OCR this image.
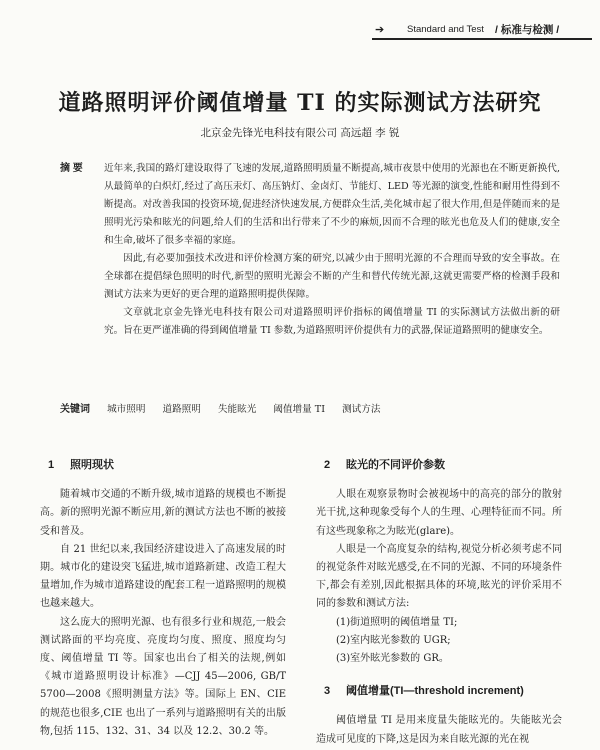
➔ Standard and Test / 标准与检测 /
道路照明评价阈值增量 TI 的实际测试方法研究
北京金先锋光电科技有限公司 高远超 李 锐
摘 要	近年来,我国的路灯建设取得了飞速的发展,道路照明质量不断提高,城市夜景中使用的光源也在不断更新换代,从最简单的白炽灯,经过了高压汞灯、高压钠灯、金卤灯、节能灯、LED 等光源的演变,性能和耐用性得到不断提高。对改善我国的投资环境,促进经济快速发展,方便群众生活,美化城市起了很大作用,但是伴随而来的是照明光污染和眩光的问题,给人们的生活和出行带来了不少的麻烦,因而不合理的眩光也危及人们的健康,安全和生命,破坏了很多幸福的家庭。

因此,有必要加强技术改进和评价检测方案的研究,以减少由于照明光源的不合理而导致的安全事故。在全球都在提倡绿色照明的时代,新型的照明光源会不断的产生和替代传统光源,这就更需要严格的检测手段和测试方法来为更好的更合理的道路照明提供保障。

文章就北京金先锋光电科技有限公司对道路照明评价指标的阈值增量 TI 的实际测试方法做出新的研究。旨在更严谨准确的得到阈值增量 TI 参数,为道路照明评价提供有力的武器,保证道路照明的健康安全。

关键词 城市照明 道路照明 失能眩光 阈值增量 TI 测试方法
1 照明现状

随着城市交通的不断升级,城市道路的规模也不断提高。新的照明光源不断应用,新的测试方法也不断的被接受和普及。

自 21 世纪以来,我国经济建设进入了高速发展的时期。城市化的建设突飞猛进,城市道路新建、改造工程大量增加,作为城市道路建设的配套工程一道路照明的规模也越来越大。

这么庞大的照明光源、也有很多行业和规范,一般会测试路面的平均亮度、亮度均匀度、照度、照度均匀度、阈值增量 TI 等。国家也出台了相关的法规,例如《城市道路照明设计标准》—CJJ 45—2006, GB/T 5700—2008《照明测量方法》等。国际上 EN、CIE 的规范也很多,CIE 也出了一系列与道路照明有关的出版物,包括 115、132、31、34 以及 12.2、30.2 等。

2 眩光的不同评价参数

人眼在观察景物时会被视场中的高亮的部分的散射光干扰,这种现象受每个人的生理、心理特征而不同。所有这些现象称之为眩光(glare)。

人眼是一个高度复杂的结构,视觉分析必须考虑不同的视觉条件对眩光感受,在不同的光源、不同的环境条件下,都会有差别,因此根据具体的环境,眩光的评价采用不同的参数和测试方法:

(1)街道照明的阈值增量 TI;
(2)室内眩光参数的 UGR;
(3)室外眩光参数的 GR。
3 阈值增量(TI—threshold increment)

阈值增量 TI 是用来度量失能眩光的。失能眩光会造成可见度的下降,这是因为来自眩光源的光在视
